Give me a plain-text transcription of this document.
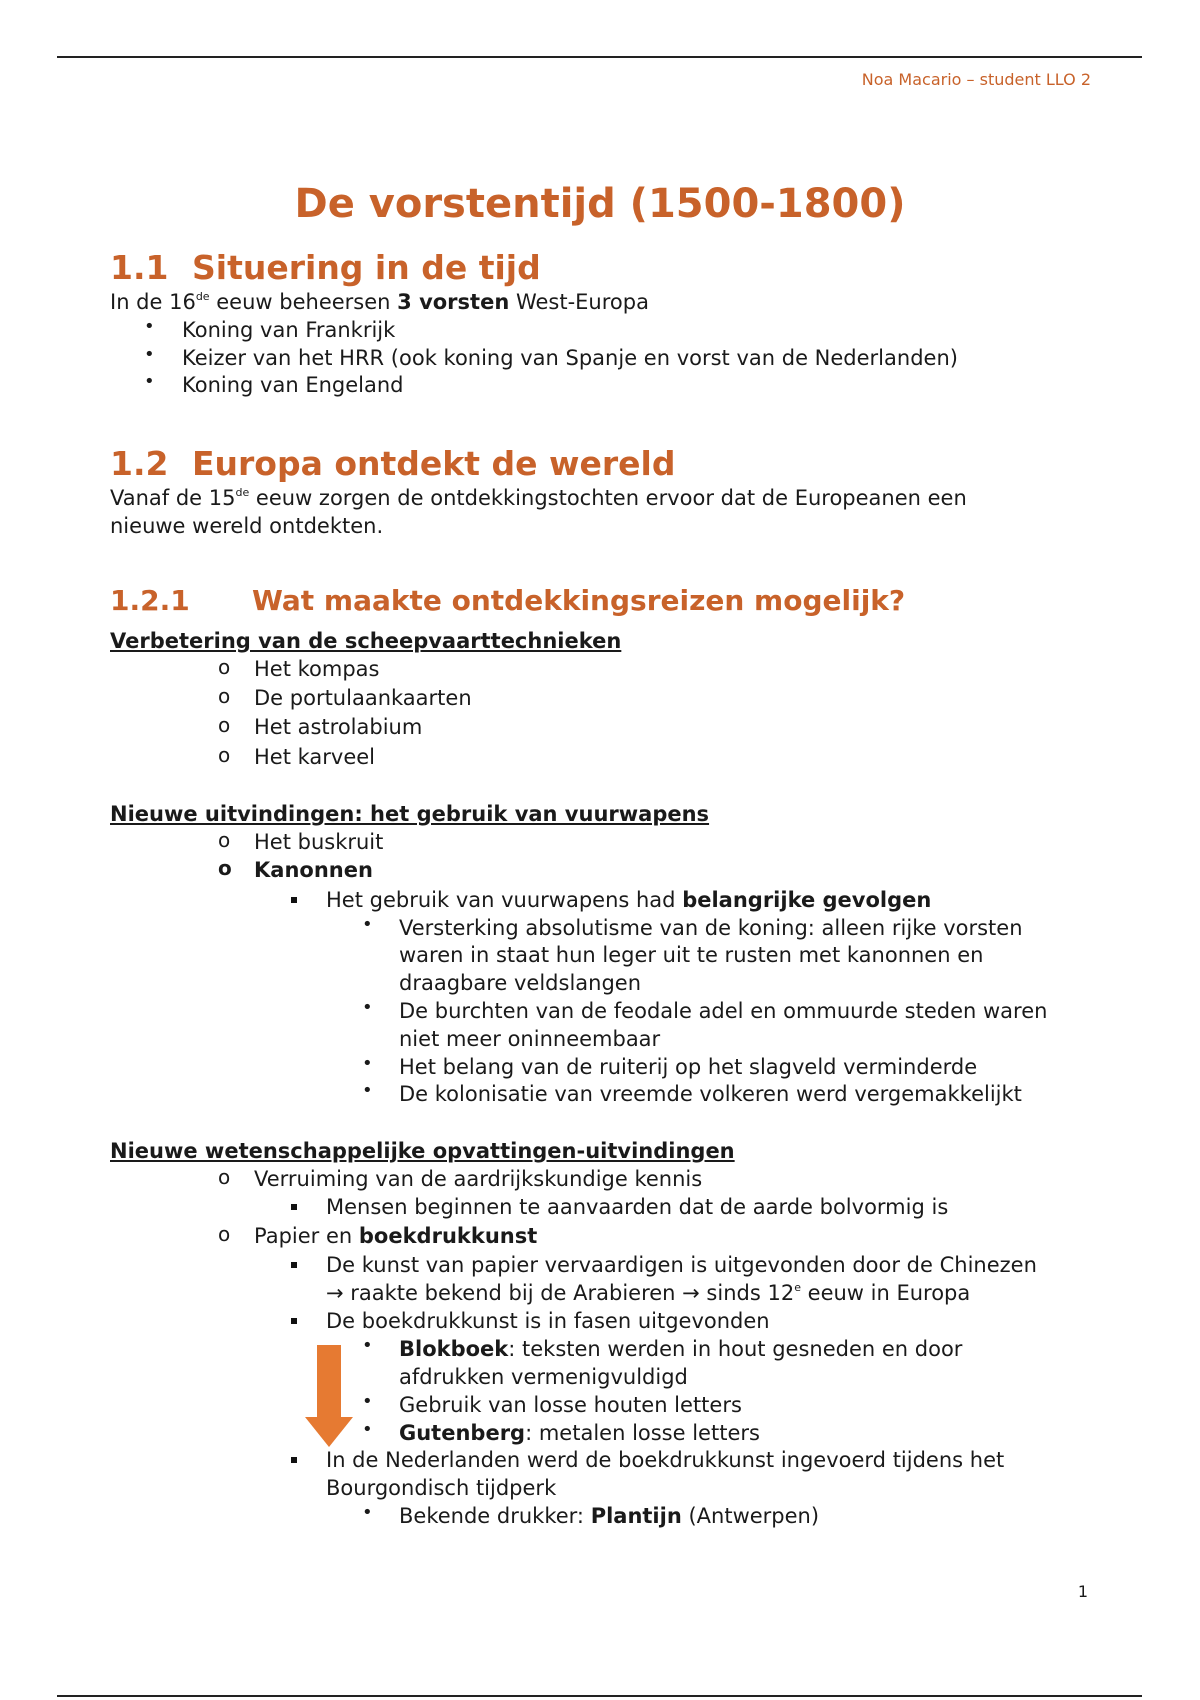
Noa Macario – student LLO 2
De vorstentijd (1500-1800)
1.1 Situering in de tijd
In de 16de eeuw beheersen 3 vorsten West-Europa
• Koning van Frankrijk
• Keizer van het HRR (ook koning van Spanje en vorst van de Nederlanden)
• Koning van Engeland
1.2 Europa ontdekt de wereld
Vanaf de 15de eeuw zorgen de ontdekkingstochten ervoor dat de Europeanen een
nieuwe wereld ontdekten.
1.2.1 Wat maakte ontdekkingsreizen mogelijk?
Verbetering van de scheepvaarttechnieken
o Het kompas
o De portulaankaarten
o Het astrolabium
o Het karveel
Nieuwe uitvindingen: het gebruik van vuurwapens
o Het buskruit
o Kanonnen
Het gebruik van vuurwapens had belangrijke gevolgen
• Versterking absolutisme van de koning: alleen rijke vorsten
waren in staat hun leger uit te rusten met kanonnen en
draagbare veldslangen
• De burchten van de feodale adel en ommuurde steden waren
niet meer oninneembaar
• Het belang van de ruiterij op het slagveld verminderde
• De kolonisatie van vreemde volkeren werd vergemakkelijkt
Nieuwe wetenschappelijke opvattingen-uitvindingen
o Verruiming van de aardrijkskundige kennis
Mensen beginnen te aanvaarden dat de aarde bolvormig is
o Papier en boekdrukkunst
De kunst van papier vervaardigen is uitgevonden door de Chinezen
→ raakte bekend bij de Arabieren → sinds 12e eeuw in Europa
De boekdrukkunst is in fasen uitgevonden
• Blokboek: teksten werden in hout gesneden en door
afdrukken vermenigvuldigd
• Gebruik van losse houten letters
• Gutenberg: metalen losse letters
In de Nederlanden werd de boekdrukkunst ingevoerd tijdens het
Bourgondisch tijdperk
• Bekende drukker: Plantijn (Antwerpen)
1
